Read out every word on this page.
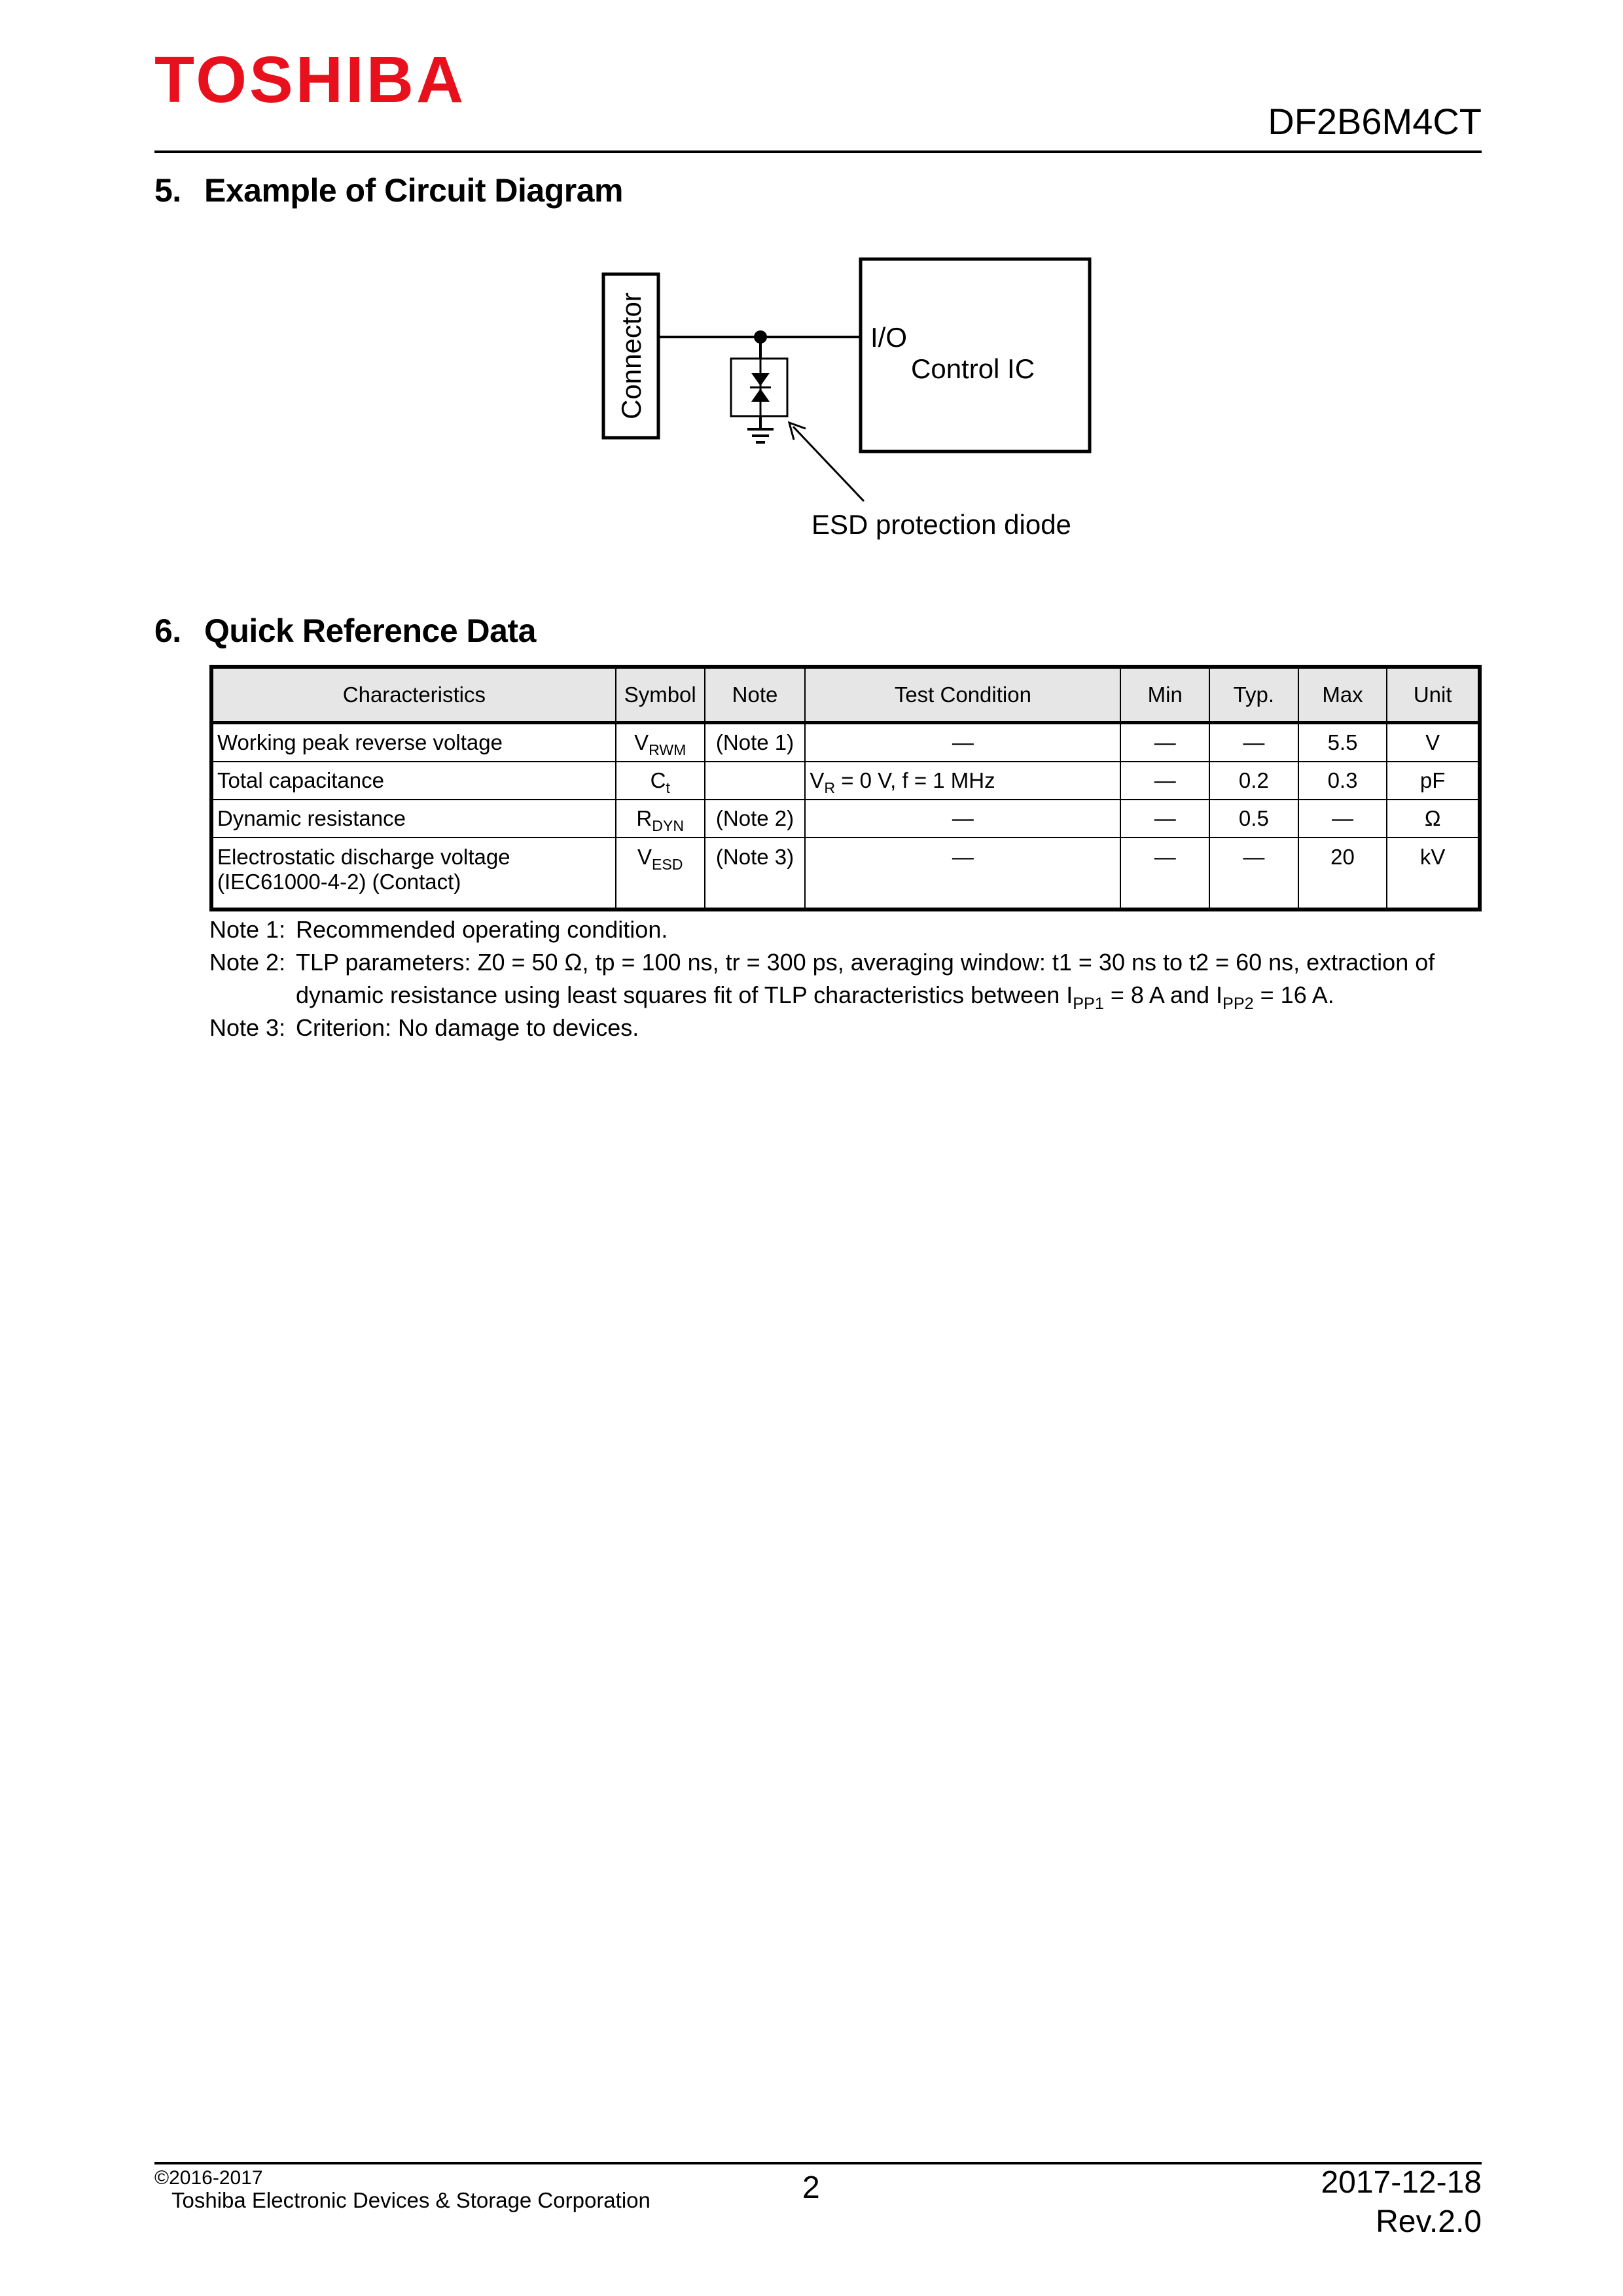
TOSHIBA
DF2B6M4CT
5. Example of Circuit Diagram
Connector	I/O
Control IC
ESD protection diode
6. Quick Reference Data
Characteristics	Symbol	Note	Test Condition	Min	Typ.	Max	Unit
Working peak reverse voltage	$V_{RWM}$	(Note 1)	—	—	—	5.5	V
Total capacitance	$C_t$		$V_R = 0$ V, f = 1 MHz	—	0.2	0.3	pF
Dynamic resistance	$R_{DYN}$	(Note 2)	—	—	0.5	—	Ω

Electrostatic discharge voltage
(IEC61000-4-2) (Contact)	$V_{ESD}$	(Note 3)	—	—	—	20	kV
Note 1: Recommended operating condition.
Note 2: TLP parameters: Z0 = 50 Ω, tp = 100 ns, tr = 300 ps, averaging window: t1 = 30 ns to t2 = 60 ns, extraction of dynamic resistance using least squares fit of TLP characteristics between $I_{PP1} = 8$ A and $I_{PP2} = 16$ A.
Note 3: Criterion: No damage to devices.
©2016-2017
Toshiba Electronic Devices & Storage Corporation	2	2017-12-18
Rev.2.0
